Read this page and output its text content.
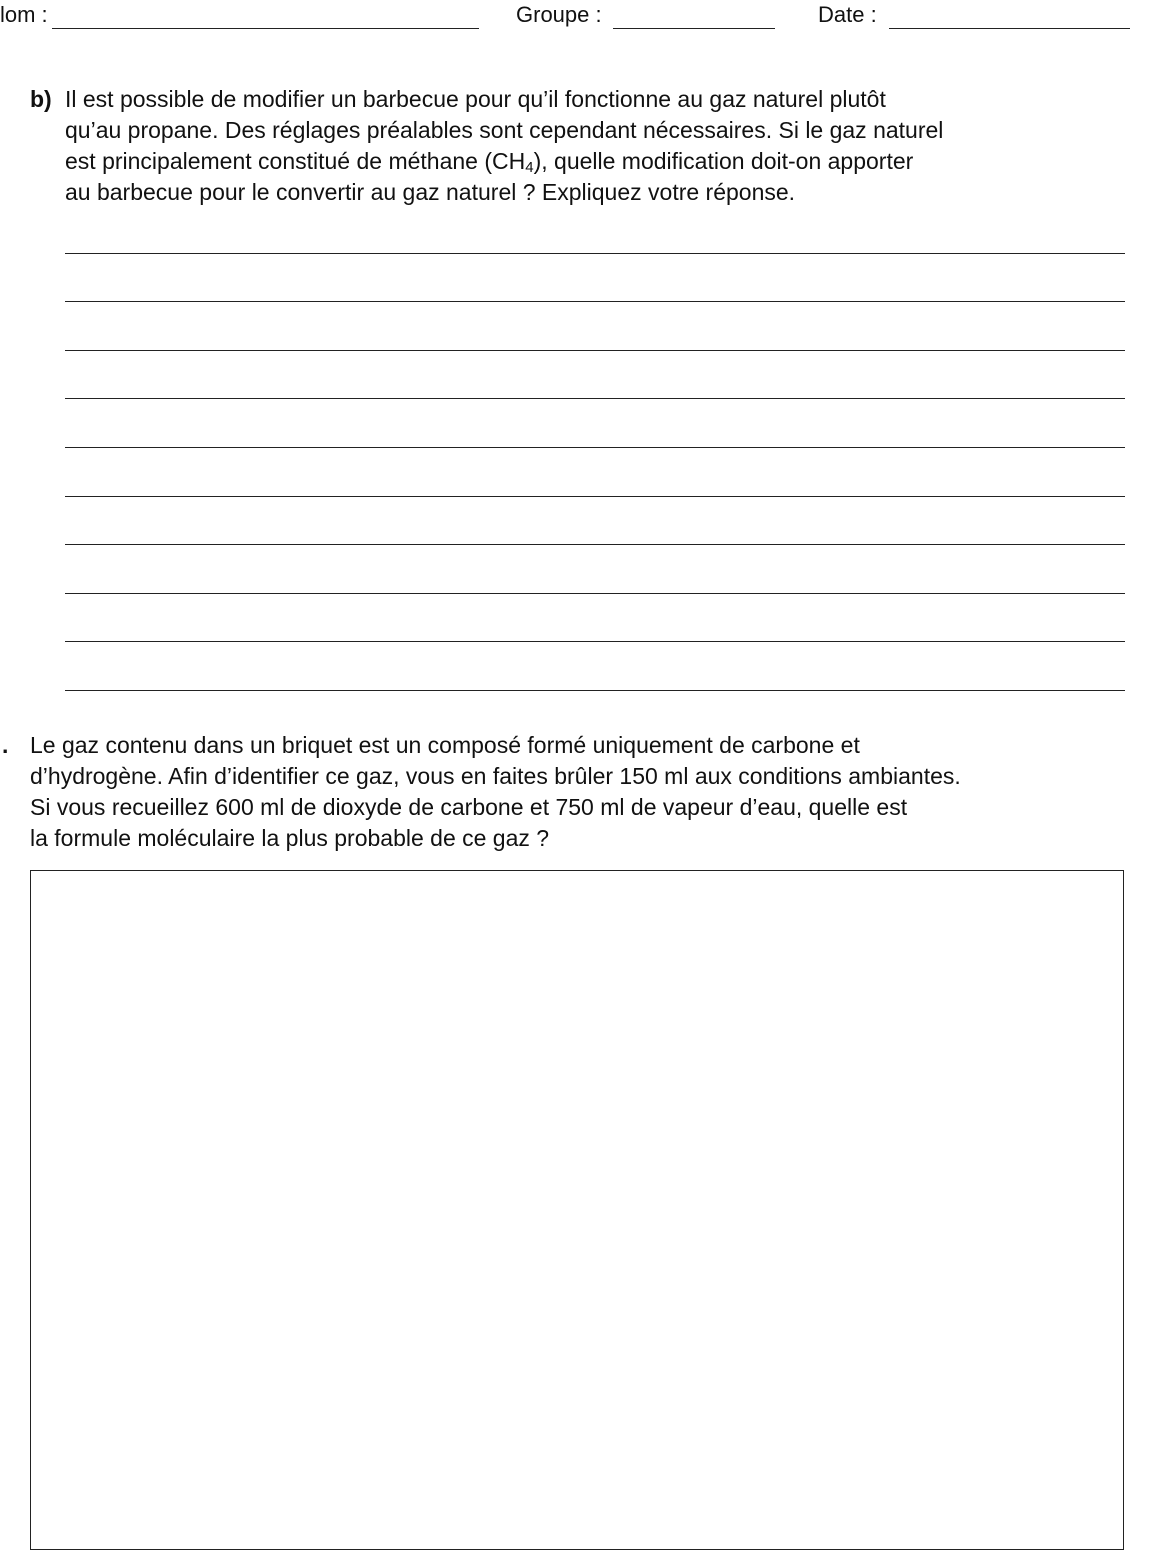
lom :	Groupe :	Date :
b) Il est possible de modifier un barbecue pour qu’il fonctionne au gaz naturel plutôt
qu’au propane. Des réglages préalables sont cependant nécessaires. Si le gaz naturel
est principalement constitué de méthane $(CH_4)$, quelle modification doit-on apporter
au barbecue pour le convertir au gaz naturel ? Expliquez votre réponse.
. Le gaz contenu dans un briquet est un composé formé uniquement de carbone et
d’hydrogène. Afin d’identifier ce gaz, vous en faites brûler 150 ml aux conditions ambiantes.
Si vous recueillez 600 ml de dioxyde de carbone et 750 ml de vapeur d’eau, quelle est
la formule moléculaire la plus probable de ce gaz ?
